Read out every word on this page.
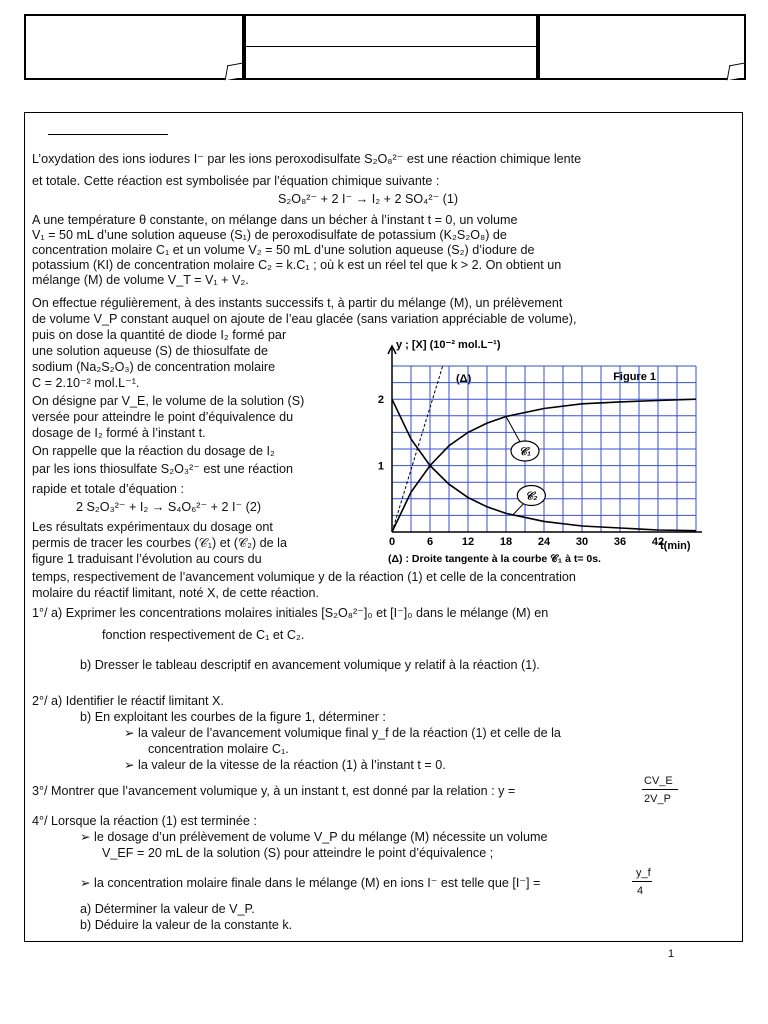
L’oxydation des ions iodures I⁻ par les ions peroxodisulfate S₂O₈²⁻ est une réaction chimique lente
et totale. Cette réaction est symbolisée par l’équation chimique suivante :
S₂O₈²⁻ + 2 I⁻ → I₂ + 2 SO₄²⁻ (1)
A une température θ constante, on mélange dans un bécher à l’instant t = 0, un volume
V₁ = 50 mL d’une solution aqueuse (S₁) de peroxodisulfate de potassium (K₂S₂O₈) de
concentration molaire C₁ et un volume V₂ = 50 mL d’une solution aqueuse (S₂) d’iodure de
potassium (KI) de concentration molaire C₂ = k.C₁ ; où k est un réel tel que k > 2. On obtient un
mélange (M) de volume V_T = V₁ + V₂.
On effectue régulièrement, à des instants successifs t, à partir du mélange (M), un prélèvement
de volume V_P constant auquel on ajoute de l’eau glacée (sans variation appréciable de volume),
puis on dose la quantité de diode I₂ formé par
une solution aqueuse (S) de thiosulfate de
sodium (Na₂S₂O₃) de concentration molaire
C = 2.10⁻² mol.L⁻¹.
On désigne par V_E, le volume de la solution (S)
versée pour atteindre le point d’équivalence du
dosage de I₂ formé à l’instant t.
On rappelle que la réaction du dosage de I₂
par les ions thiosulfate S₂O₃²⁻ est une réaction
rapide et totale d’équation :
2 S₂O₃²⁻ + I₂ → S₄O₆²⁻ + 2 I⁻ (2)
Les résultats expérimentaux du dosage ont
permis de tracer les courbes (𝒞₁) et (𝒞₂) de la
figure 1 traduisant l’évolution au cours du
y ; [X] (10⁻² mol.L⁻¹)
Figure 1
t(min)
(Δ)
(Δ) : Droite tangente à la courbe 𝒞₁ à t= 0s.
0	6	12 18 24 30 36 42
1
2
𝒞₁
𝒞₂
temps, respectivement de l’avancement volumique y de la réaction (1) et celle de la concentration
molaire du réactif limitant, noté X, de cette réaction.
1°/ a) Exprimer les concentrations molaires initiales [S₂O₈²⁻]₀ et [I⁻]₀ dans le mélange (M) en
fonction respectivement de C₁ et C₂.
b) Dresser le tableau descriptif en avancement volumique y relatif à la réaction (1).
2°/ a) Identifier le réactif limitant X.
b) En exploitant les courbes de la figure 1, déterminer :
➢ la valeur de l’avancement volumique final y_f de la réaction (1) et celle de la
concentration molaire C₁.
➢ la valeur de la vitesse de la réaction (1) à l’instant t = 0.
3°/ Montrer que l’avancement volumique y, à un instant t, est donné par la relation : y =
CV_E
2V_P
4°/ Lorsque la réaction (1) est terminée :
➢ le dosage d’un prélèvement de volume V_P du mélange (M) nécessite un volume
V_EF = 20 mL de la solution (S) pour atteindre le point d’équivalence ;
➢ la concentration molaire finale dans le mélange (M) en ions I⁻ est telle que [I⁻] =
y_f
4
a) Déterminer la valeur de V_P.
b) Déduire la valeur de la constante k.
1
